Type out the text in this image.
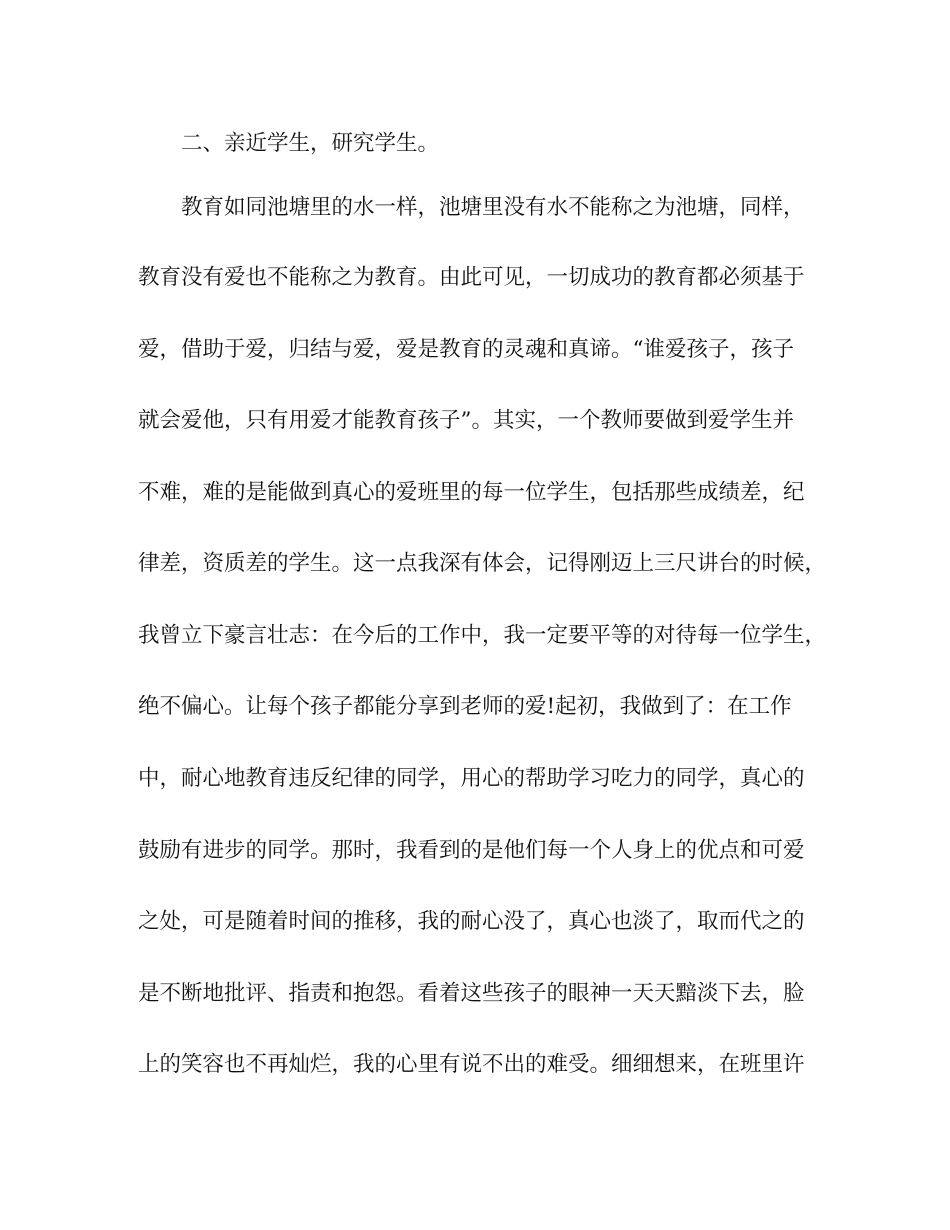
二、亲近学生，研究学生。
教育如同池塘里的水一样，池塘里没有水不能称之为池塘，同样，
教育没有爱也不能称之为教育。由此可见，一切成功的教育都必须基于
爱，借助于爱，归结与爱，爱是教育的灵魂和真谛。“谁爱孩子，孩子
就会爱他，只有用爱才能教育孩子”。其实，一个教师要做到爱学生并
不难，难的是能做到真心的爱班里的每一位学生，包括那些成绩差，纪
律差，资质差的学生。这一点我深有体会，记得刚迈上三尺讲台的时候，
我曾立下豪言壮志：在今后的工作中，我一定要平等的对待每一位学生，
绝不偏心。让每个孩子都能分享到老师的爱!起初，我做到了：在工作
中，耐心地教育违反纪律的同学，用心的帮助学习吃力的同学，真心的
鼓励有进步的同学。那时，我看到的是他们每一个人身上的优点和可爱
之处，可是随着时间的推移，我的耐心没了，真心也淡了，取而代之的
是不断地批评、指责和抱怨。看着这些孩子的眼神一天天黯淡下去，脸
上的笑容也不再灿烂，我的心里有说不出的难受。细细想来，在班里许
